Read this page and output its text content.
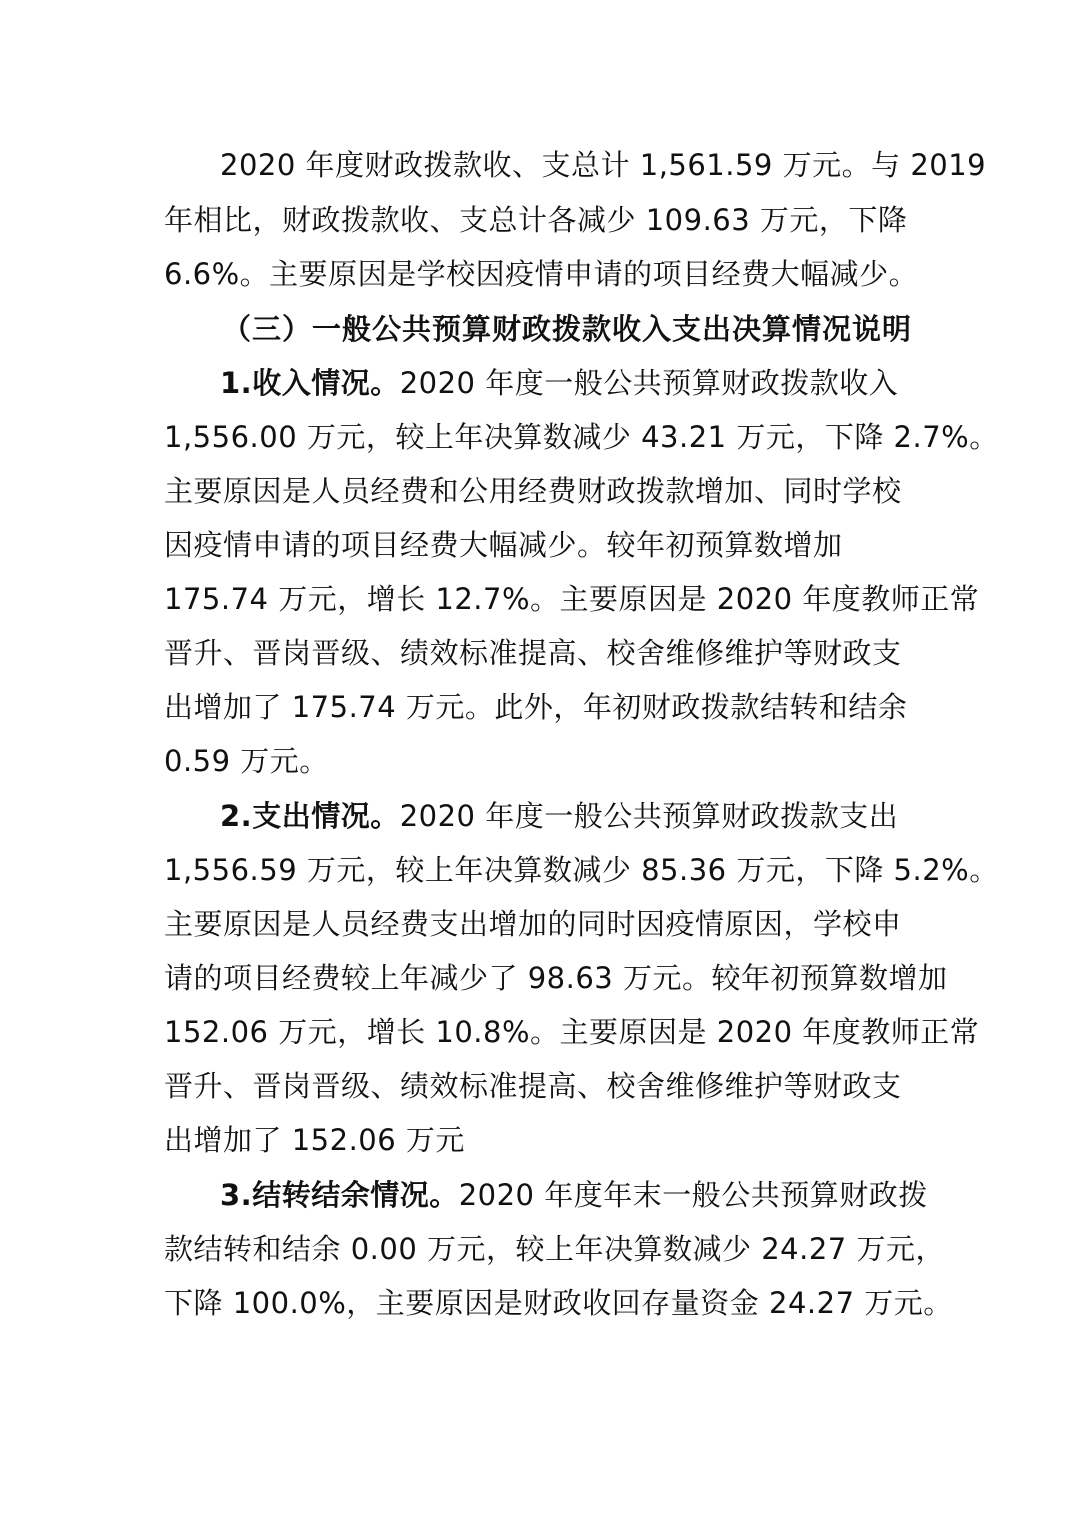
2020 年度财政拨款收、支总计 1,561.59 万元。与 2019
年相比，财政拨款收、支总计各减少 109.63 万元，下降
6.6%。主要原因是学校因疫情申请的项目经费大幅减少。
（三）一般公共预算财政拨款收入支出决算情况说明
1.收入情况。2020 年度一般公共预算财政拨款收入
1,556.00 万元，较上年决算数减少 43.21 万元，下降 2.7%。
主要原因是人员经费和公用经费财政拨款增加、同时学校
因疫情申请的项目经费大幅减少。较年初预算数增加
175.74 万元，增长 12.7%。主要原因是 2020 年度教师正常
晋升、晋岗晋级、绩效标准提高、校舍维修维护等财政支
出增加了 175.74 万元。此外，年初财政拨款结转和结余
0.59 万元。
2.支出情况。2020 年度一般公共预算财政拨款支出
1,556.59 万元，较上年决算数减少 85.36 万元，下降 5.2%。
主要原因是人员经费支出增加的同时因疫情原因，学校申
请的项目经费较上年减少了 98.63 万元。较年初预算数增加
152.06 万元，增长 10.8%。主要原因是 2020 年度教师正常
晋升、晋岗晋级、绩效标准提高、校舍维修维护等财政支
出增加了 152.06 万元
3.结转结余情况。2020 年度年末一般公共预算财政拨
款结转和结余 0.00 万元，较上年决算数减少 24.27 万元，
下降 100.0%，主要原因是财政收回存量资金 24.27 万元。
